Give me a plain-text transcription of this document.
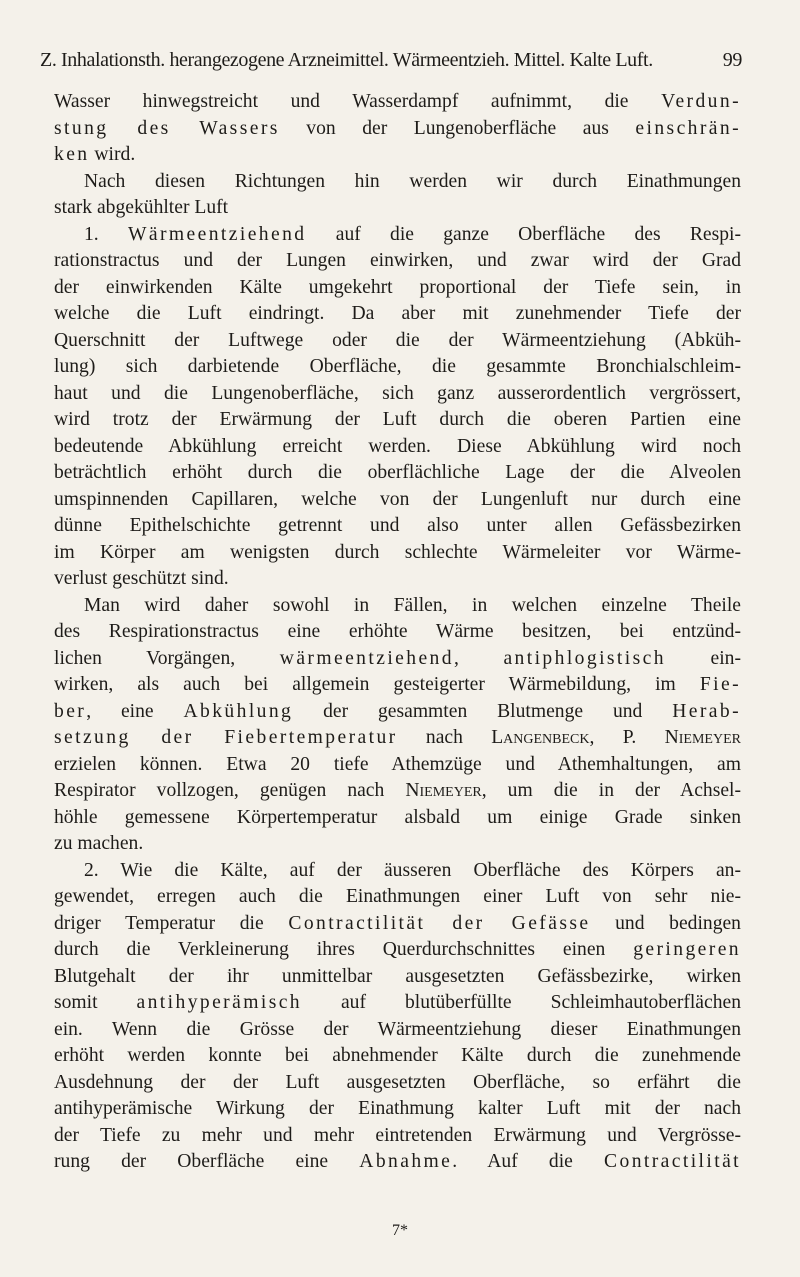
Z. Inhalationsth. herangezogene Arzneimittel. Wärmeentzieh. Mittel. Kalte Luft.	99
Wasser hinwegstreicht und Wasserdampf aufnimmt, die Verdun-
stung des Wassers von der Lungenoberfläche aus einschrän-
ken wird.
Nach diesen Richtungen hin werden wir durch Einathmungen
stark abgekühlter Luft
1. Wärmeentziehend auf die ganze Oberfläche des Respi-
rationstractus und der Lungen einwirken, und zwar wird der Grad
der einwirkenden Kälte umgekehrt proportional der Tiefe sein, in
welche die Luft eindringt. Da aber mit zunehmender Tiefe der
Querschnitt der Luftwege oder die der Wärmeentziehung (Abküh-
lung) sich darbietende Oberfläche, die gesammte Bronchialschleim-
haut und die Lungenoberfläche, sich ganz ausserordentlich vergrössert,
wird trotz der Erwärmung der Luft durch die oberen Partien eine
bedeutende Abkühlung erreicht werden. Diese Abkühlung wird noch
beträchtlich erhöht durch die oberflächliche Lage der die Alveolen
umspinnenden Capillaren, welche von der Lungenluft nur durch eine
dünne Epithelschichte getrennt und also unter allen Gefässbezirken
im Körper am wenigsten durch schlechte Wärmeleiter vor Wärme-
verlust geschützt sind.
Man wird daher sowohl in Fällen, in welchen einzelne Theile
des Respirationstractus eine erhöhte Wärme besitzen, bei entzünd-
lichen Vorgängen, wärmeentziehend, antiphlogistisch ein-
wirken, als auch bei allgemein gesteigerter Wärmebildung, im Fie-
ber, eine Abkühlung der gesammten Blutmenge und Herab-
setzung der Fiebertemperatur nach Langenbeck, P. Niemeyer
erzielen können. Etwa 20 tiefe Athemzüge und Athemhaltungen, am
Respirator vollzogen, genügen nach Niemeyer, um die in der Achsel-
höhle gemessene Körpertemperatur alsbald um einige Grade sinken
zu machen.
2. Wie die Kälte, auf der äusseren Oberfläche des Körpers an-
gewendet, erregen auch die Einathmungen einer Luft von sehr nie-
driger Temperatur die Contractilität der Gefässe und bedingen
durch die Verkleinerung ihres Querdurchschnittes einen geringeren
Blutgehalt der ihr unmittelbar ausgesetzten Gefässbezirke, wirken
somit antihyperämisch auf blutüberfüllte Schleimhautoberflächen
ein. Wenn die Grösse der Wärmeentziehung dieser Einathmungen
erhöht werden konnte bei abnehmender Kälte durch die zunehmende
Ausdehnung der der Luft ausgesetzten Oberfläche, so erfährt die
antihyperämische Wirkung der Einathmung kalter Luft mit der nach
der Tiefe zu mehr und mehr eintretenden Erwärmung und Vergrösse-
rung der Oberfläche eine Abnahme. Auf die Contractilität
7*
